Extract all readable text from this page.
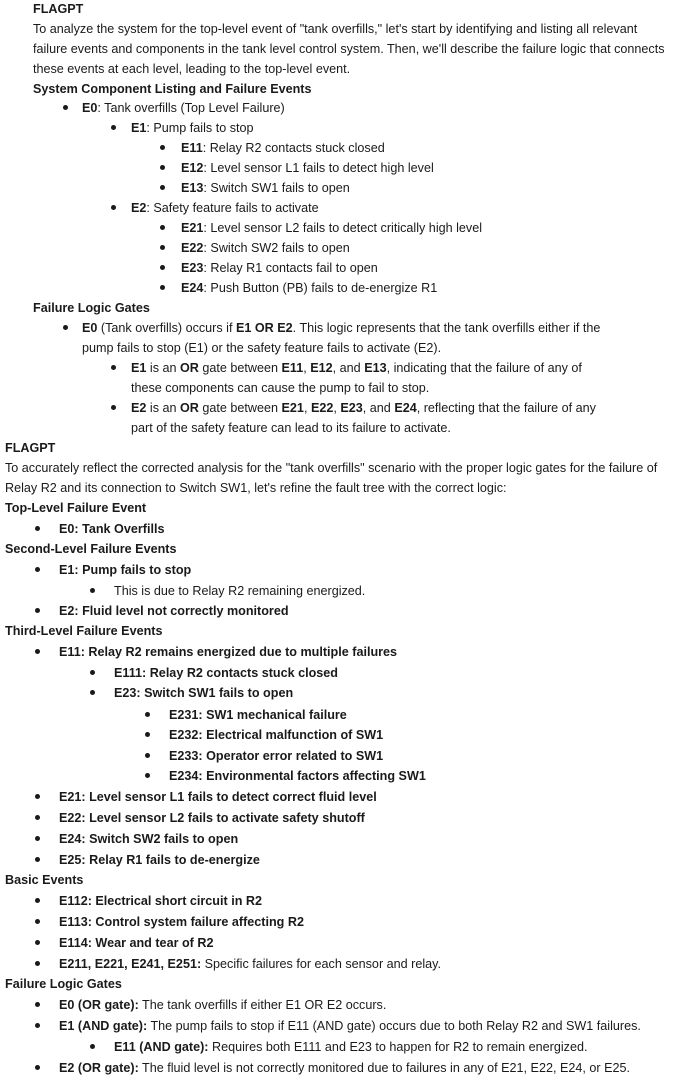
FLAGPT
To analyze the system for the top-level event of "tank overfills," let's start by identifying and listing all relevant failure events and components in the tank level control system. Then, we'll describe the failure logic that connects these events at each level, leading to the top-level event.
System Component Listing and Failure Events
E0: Tank overfills (Top Level Failure)
E1: Pump fails to stop
E11: Relay R2 contacts stuck closed
E12: Level sensor L1 fails to detect high level
E13: Switch SW1 fails to open
E2: Safety feature fails to activate
E21: Level sensor L2 fails to detect critically high level
E22: Switch SW2 fails to open
E23: Relay R1 contacts fail to open
E24: Push Button (PB) fails to de-energize R1
Failure Logic Gates
E0 (Tank overfills) occurs if E1 OR E2. This logic represents that the tank overfills either if the
pump fails to stop (E1) or the safety feature fails to activate (E2).
E1 is an OR gate between E11, E12, and E13, indicating that the failure of any of
these components can cause the pump to fail to stop.
E2 is an OR gate between E21, E22, E23, and E24, reflecting that the failure of any
part of the safety feature can lead to its failure to activate.
FLAGPT
To accurately reflect the corrected analysis for the "tank overfills" scenario with the proper logic gates for the failure of Relay R2 and its connection to Switch SW1, let's refine the fault tree with the correct logic:
Top-Level Failure Event
E0: Tank Overfills
Second-Level Failure Events
E1: Pump fails to stop
This is due to Relay R2 remaining energized.
E2: Fluid level not correctly monitored
Third-Level Failure Events
E11: Relay R2 remains energized due to multiple failures
E111: Relay R2 contacts stuck closed
E23: Switch SW1 fails to open
E231: SW1 mechanical failure
E232: Electrical malfunction of SW1
E233: Operator error related to SW1
E234: Environmental factors affecting SW1
E21: Level sensor L1 fails to detect correct fluid level
E22: Level sensor L2 fails to activate safety shutoff
E24: Switch SW2 fails to open
E25: Relay R1 fails to de-energize
Basic Events
E112: Electrical short circuit in R2
E113: Control system failure affecting R2
E114: Wear and tear of R2
E211, E221, E241, E251: Specific failures for each sensor and relay.
Failure Logic Gates
E0 (OR gate): The tank overfills if either E1 OR E2 occurs.
E1 (AND gate): The pump fails to stop if E11 (AND gate) occurs due to both Relay R2 and SW1 failures.
E11 (AND gate): Requires both E111 and E23 to happen for R2 to remain energized.
E2 (OR gate): The fluid level is not correctly monitored due to failures in any of E21, E22, E24, or E25.
